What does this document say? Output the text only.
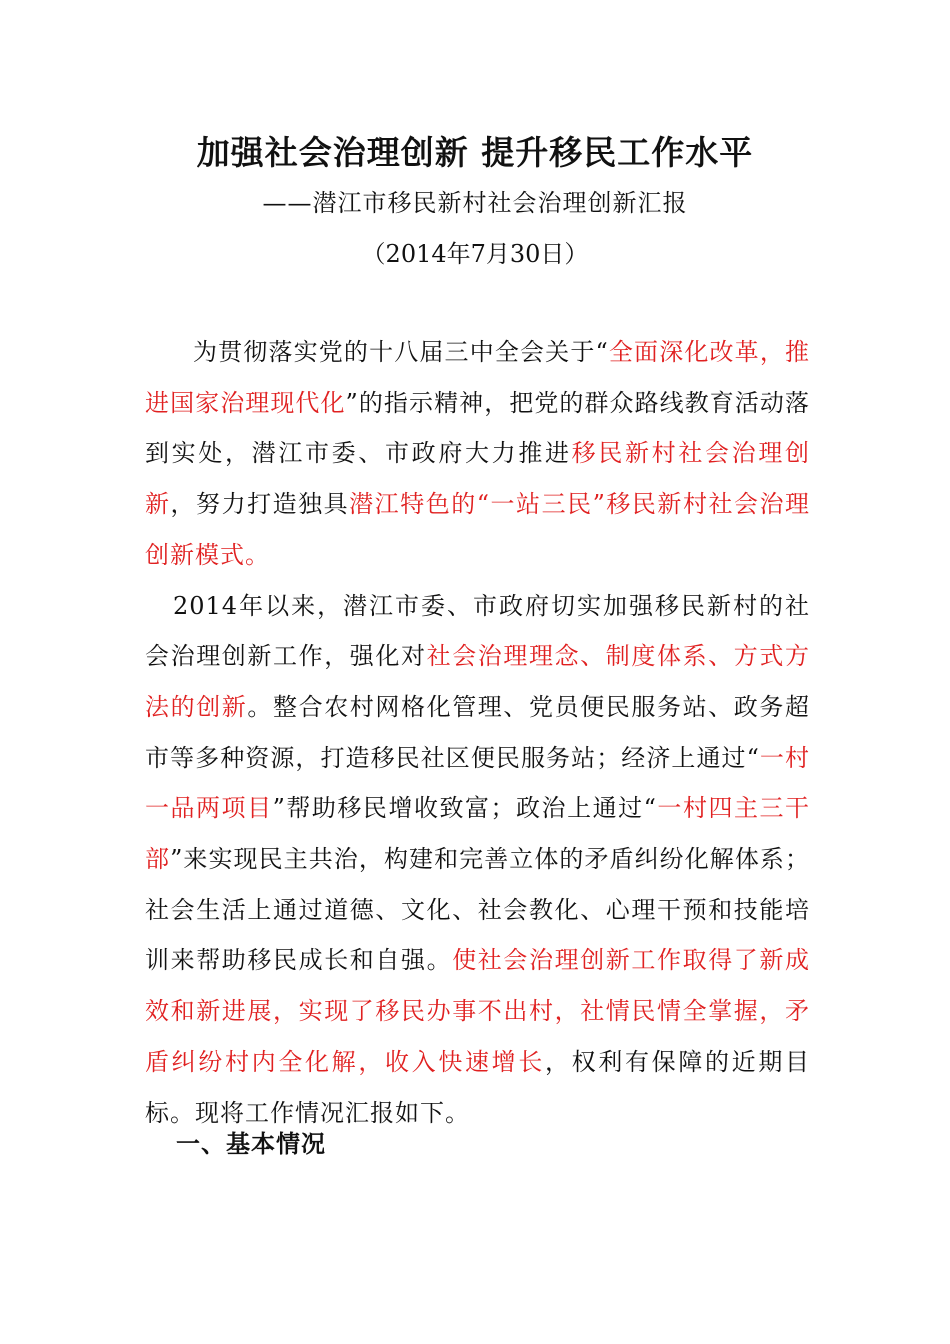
加强社会治理创新 提升移民工作水平
——潜江市移民新村社会治理创新汇报
（2014年7月30日）

为贯彻落实党的十八届三中全会关于“全面深化改革，推进国家治理现代化”的指示精神，把党的群众路线教育活动落到实处，潜江市委、市政府大力推进移民新村社会治理创新，努力打造独具潜江特色的“一站三民”移民新村社会治理创新模式。

2014年以来，潜江市委、市政府切实加强移民新村的社会治理创新工作，强化对社会治理理念、制度体系、方式方法的创新。整合农村网格化管理、党员便民服务站、政务超市等多种资源，打造移民社区便民服务站；经济上通过“一村一品两项目”帮助移民增收致富；政治上通过“一村四主三干部”来实现民主共治，构建和完善立体的矛盾纠纷化解体系；社会生活上通过道德、文化、社会教化、心理干预和技能培训来帮助移民成长和自强。使社会治理创新工作取得了新成效和新进展，实现了移民办事不出村，社情民情全掌握，矛盾纠纷村内全化解，收入快速增长，权利有保障的近期目标。现将工作情况汇报如下。

一、基本情况
